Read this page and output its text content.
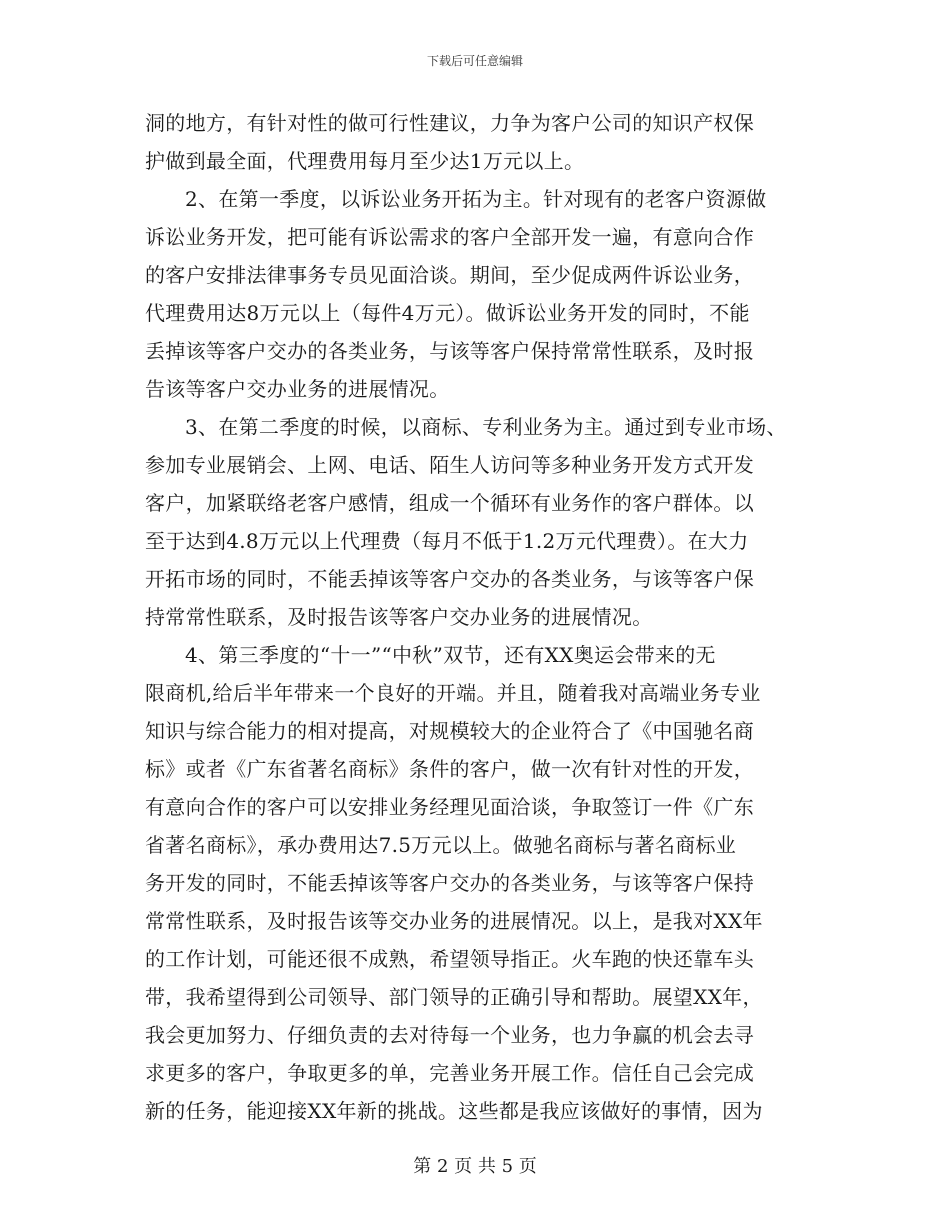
下载后可任意编辑
洞的地方，有针对性的做可行性建议，力争为客户公司的知识产权保
护做到最全面，代理费用每月至少达1万元以上。
2、在第一季度，以诉讼业务开拓为主。针对现有的老客户资源做
诉讼业务开发，把可能有诉讼需求的客户全部开发一遍，有意向合作
的客户安排法律事务专员见面洽谈。期间，至少促成两件诉讼业务，
代理费用达8万元以上（每件4万元）。做诉讼业务开发的同时，不能
丢掉该等客户交办的各类业务，与该等客户保持常常性联系，及时报
告该等客户交办业务的进展情况。
3、在第二季度的时候，以商标、专利业务为主。通过到专业市场、
参加专业展销会、上网、电话、陌生人访问等多种业务开发方式开发
客户，加紧联络老客户感情，组成一个循环有业务作的客户群体。以
至于达到4.8万元以上代理费（每月不低于1.2万元代理费）。在大力
开拓市场的同时，不能丢掉该等客户交办的各类业务，与该等客户保
持常常性联系，及时报告该等客户交办业务的进展情况。
4、第三季度的“十一”“中秋”双节，还有XX奥运会带来的无
限商机,给后半年带来一个良好的开端。并且，随着我对高端业务专业
知识与综合能力的相对提高，对规模较大的企业符合了《中国驰名商
标》或者《广东省著名商标》条件的客户，做一次有针对性的开发，
有意向合作的客户可以安排业务经理见面洽谈，争取签订一件《广东
省著名商标》，承办费用达7.5万元以上。做驰名商标与著名商标业
务开发的同时，不能丢掉该等客户交办的各类业务，与该等客户保持
常常性联系，及时报告该等交办业务的进展情况。以上，是我对XX年
的工作计划，可能还很不成熟，希望领导指正。火车跑的快还靠车头
带，我希望得到公司领导、部门领导的正确引导和帮助。展望XX年，
我会更加努力、仔细负责的去对待每一个业务，也力争赢的机会去寻
求更多的客户，争取更多的单，完善业务开展工作。信任自己会完成
新的任务，能迎接XX年新的挑战。这些都是我应该做好的事情，因为
第 2 页 共 5 页
